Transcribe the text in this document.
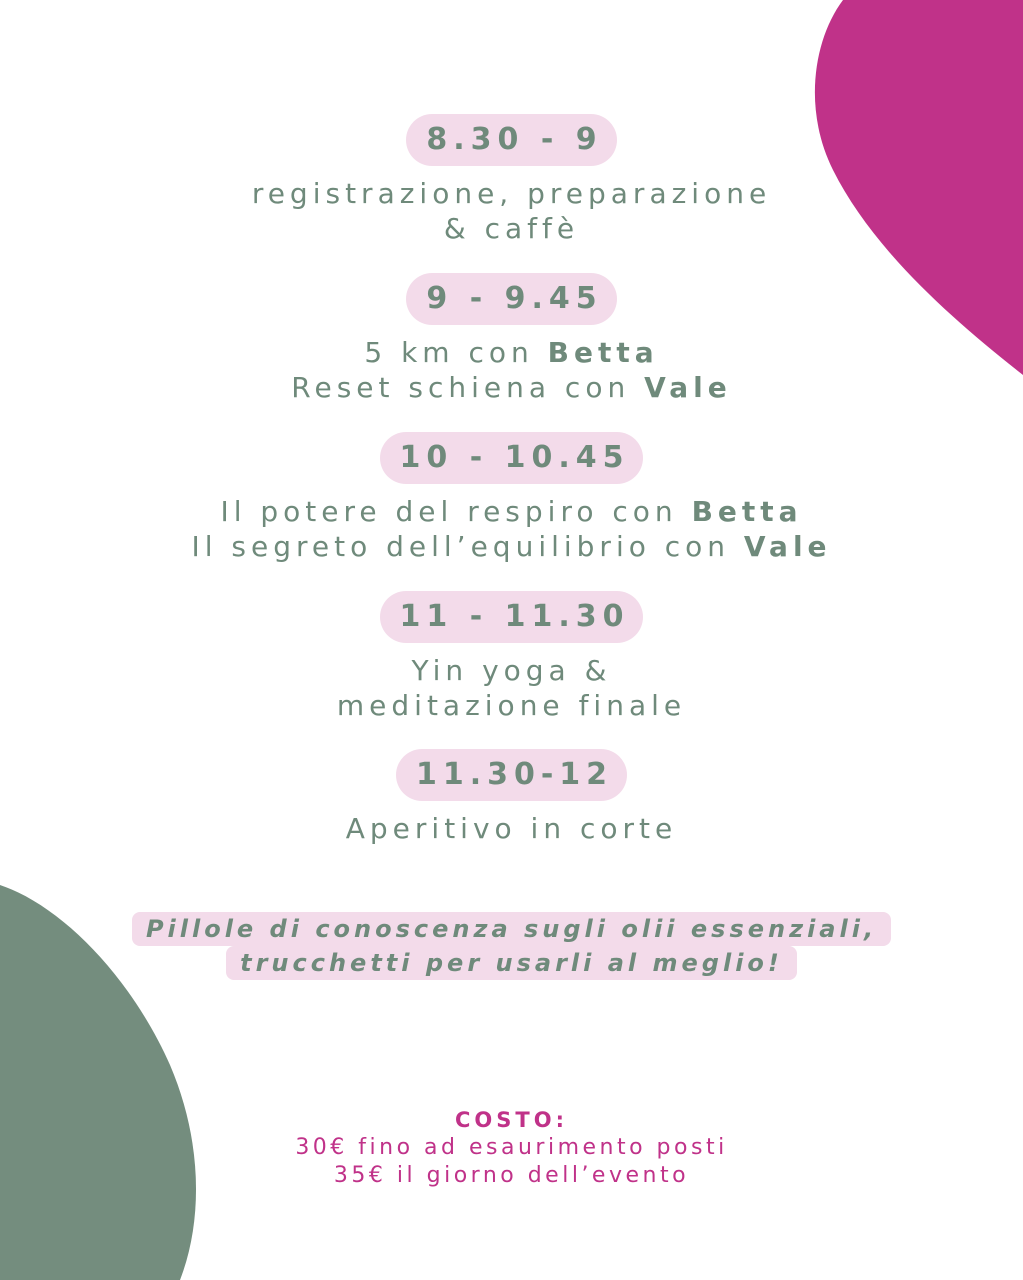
8.30 - 9
registrazione, preparazione
& caffè
9 - 9.45
5 km con Betta
Reset schiena con Vale
10 - 10.45
Il potere del respiro con Betta
Il segreto dell’equilibrio con Vale
11 - 11.30
Yin yoga &
meditazione finale
11.30-12
Aperitivo in corte
Pillole di conoscenza sugli olii essenziali,
trucchetti per usarli al meglio!
COSTO:
30€ fino ad esaurimento posti
35€ il giorno dell’evento
